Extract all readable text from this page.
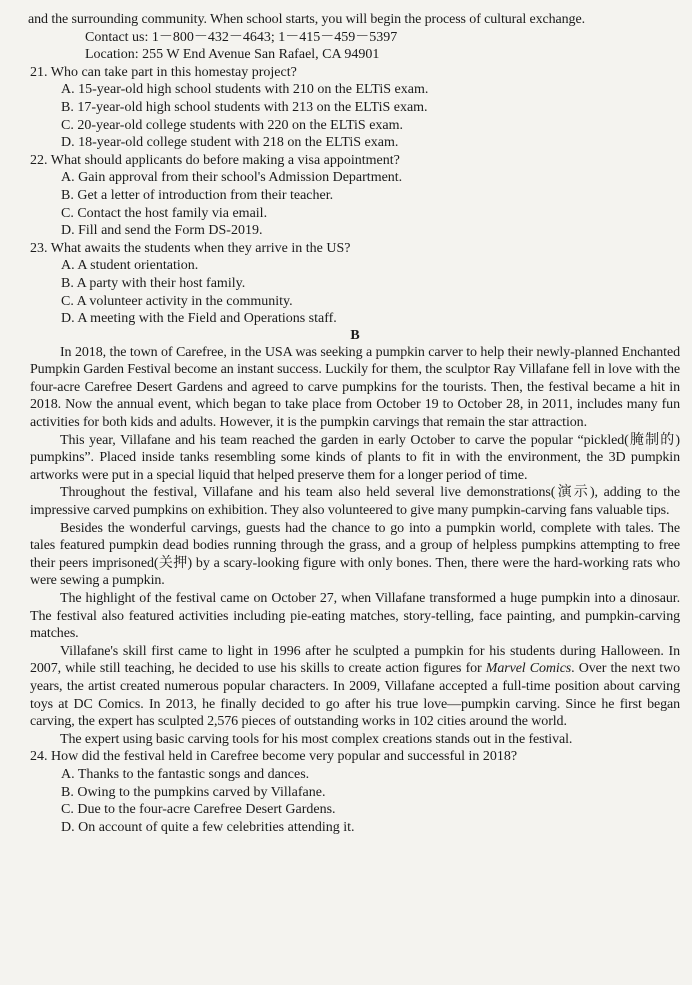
and the surrounding community. When school starts, you will begin the process of cultural exchange.

Contact us: 1－800－432－4643; 1－415－459－5397

Location: 255 W End Avenue San Rafael, CA 94901

21. Who can take part in this homestay project?

A. 15-year-old high school students with 210 on the ELTiS exam.
B. 17-year-old high school students with 213 on the ELTiS exam.
C. 20-year-old college students with 220 on the ELTiS exam.
D. 18-year-old college student with 218 on the ELTiS exam.

22. What should applicants do before making a visa appointment?

A. Gain approval from their school's Admission Department.
B. Get a letter of introduction from their teacher.
C. Contact the host family via email.
D. Fill and send the Form DS-2019.

23. What awaits the students when they arrive in the US?

A. A student orientation.
B. A party with their host family.
C. A volunteer activity in the community.
D. A meeting with the Field and Operations staff.

B

In 2018, the town of Carefree, in the USA was seeking a pumpkin carver to help their newly-planned Enchanted Pumpkin Garden Festival become an instant success. Luckily for them, the sculptor Ray Villafane fell in love with the four-acre Carefree Desert Gardens and agreed to carve pumpkins for the tourists. Then, the festival became a hit in 2018. Now the annual event, which began to take place from October 19 to October 28, in 2011, includes many fun activities for both kids and adults. However, it is the pumpkin carvings that remain the star attraction.

This year, Villafane and his team reached the garden in early October to carve the popular “pickled(腌制的) pumpkins”. Placed inside tanks resembling some kinds of plants to fit in with the environment, the 3D pumpkin artworks were put in a special liquid that helped preserve them for a longer period of time.

Throughout the festival, Villafane and his team also held several live demonstrations(演示), adding to the impressive carved pumpkins on exhibition. They also volunteered to give many pumpkin-carving fans valuable tips.

Besides the wonderful carvings, guests had the chance to go into a pumpkin world, complete with tales. The tales featured pumpkin dead bodies running through the grass, and a group of helpless pumpkins attempting to free their peers imprisoned(关押) by a scary-looking figure with only bones. Then, there were the hard-working rats who were sewing a pumpkin.

The highlight of the festival came on October 27, when Villafane transformed a huge pumpkin into a dinosaur. The festival also featured activities including pie-eating matches, story-telling, face painting, and pumpkin-carving matches.

Villafane's skill first came to light in 1996 after he sculpted a pumpkin for his students during Halloween. In 2007, while still teaching, he decided to use his skills to create action figures for Marvel Comics. Over the next two years, the artist created numerous popular characters. In 2009, Villafane accepted a full-time position about carving toys at DC Comics. In 2013, he finally decided to go after his true love—pumpkin carving. Since he first began carving, the expert has sculpted 2,576 pieces of outstanding works in 102 cities around the world.

The expert using basic carving tools for his most complex creations stands out in the festival.

24. How did the festival held in Carefree become very popular and successful in 2018?

A. Thanks to the fantastic songs and dances.
B. Owing to the pumpkins carved by Villafane.
C. Due to the four-acre Carefree Desert Gardens.
D. On account of quite a few celebrities attending it.
